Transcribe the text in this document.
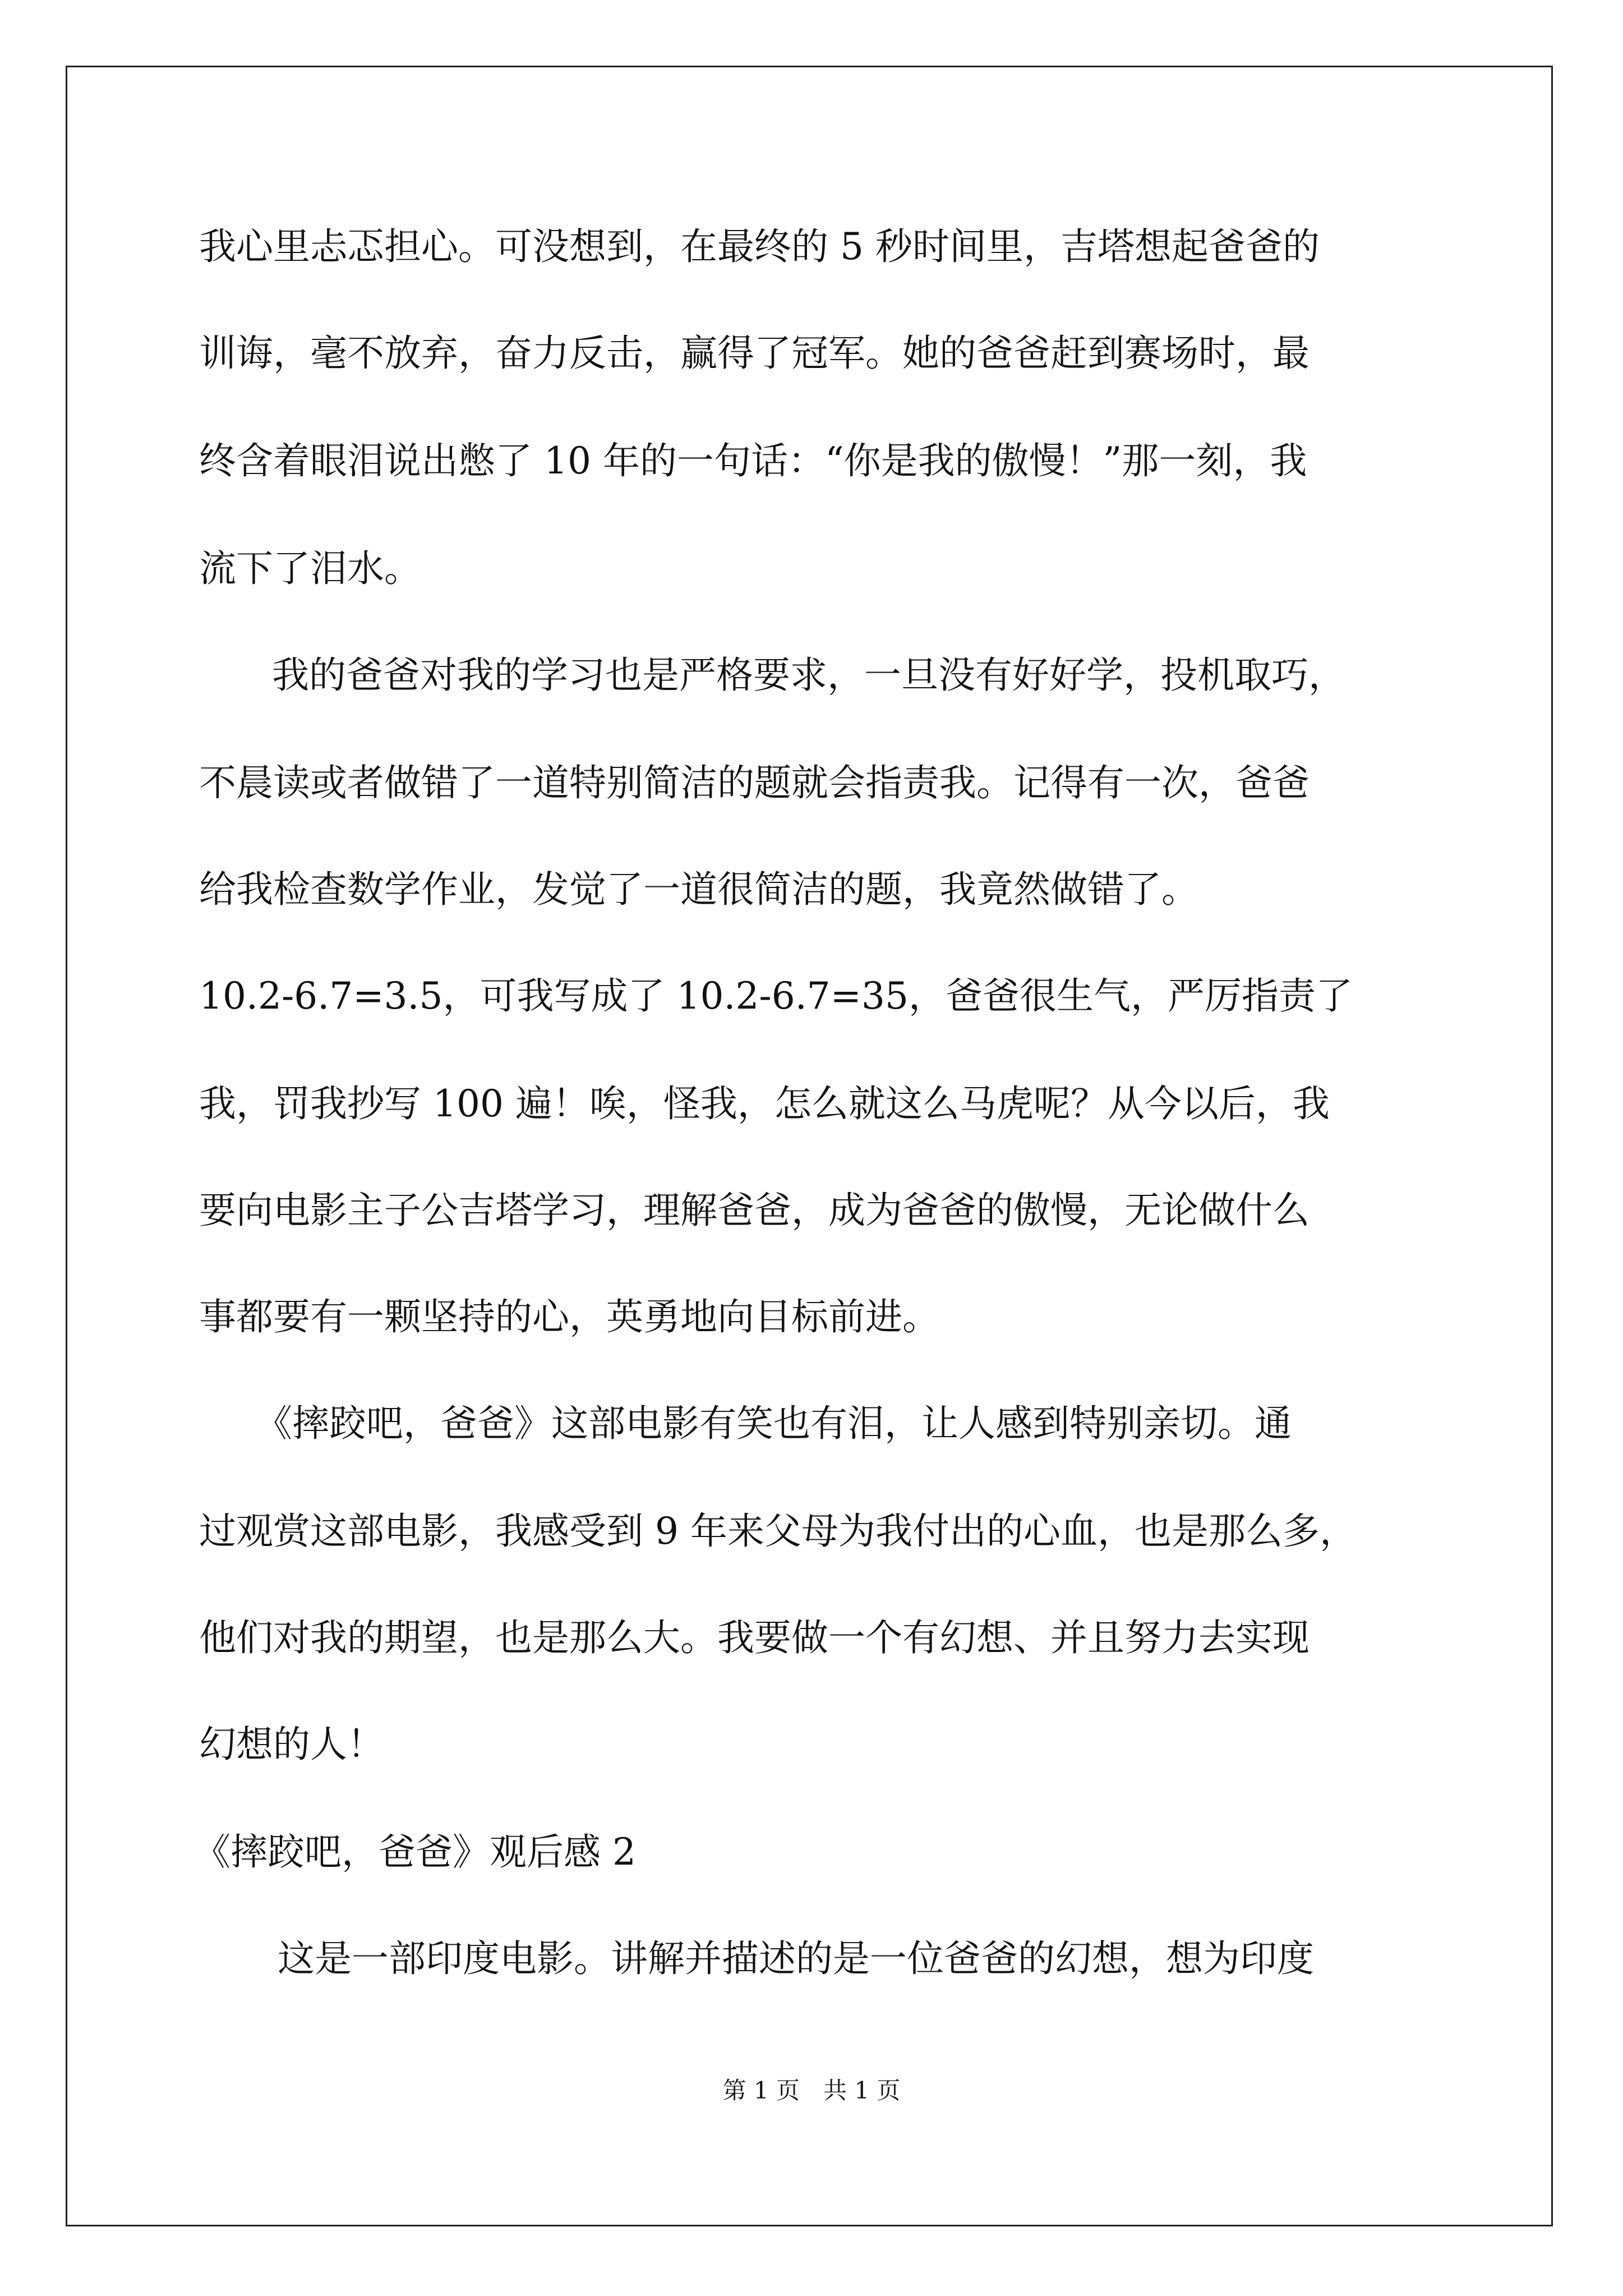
我心里忐忑担心。可没想到，在最终的 5 秒时间里，吉塔想起爸爸的
训诲，毫不放弃，奋力反击，赢得了冠军。她的爸爸赶到赛场时，最
终含着眼泪说出憋了 10 年的一句话：“你是我的傲慢！”那一刻，我
流下了泪水。
我的爸爸对我的学习也是严格要求，一旦没有好好学，投机取巧，
不晨读或者做错了一道特别简洁的题就会指责我。记得有一次，爸爸
给我检查数学作业，发觉了一道很简洁的题，我竟然做错了。
10.2-6.7=3.5，可我写成了 10.2-6.7=35，爸爸很生气，严厉指责了
我，罚我抄写 100 遍！唉，怪我，怎么就这么马虎呢？从今以后，我
要向电影主子公吉塔学习，理解爸爸，成为爸爸的傲慢，无论做什么
事都要有一颗坚持的心，英勇地向目标前进。
《摔跤吧，爸爸》这部电影有笑也有泪，让人感到特别亲切。通
过观赏这部电影，我感受到 9 年来父母为我付出的心血，也是那么多，
他们对我的期望，也是那么大。我要做一个有幻想、并且努力去实现
幻想的人！
《摔跤吧，爸爸》观后感 2
这是一部印度电影。讲解并描述的是一位爸爸的幻想，想为印度
第 1 页　共 1 页
